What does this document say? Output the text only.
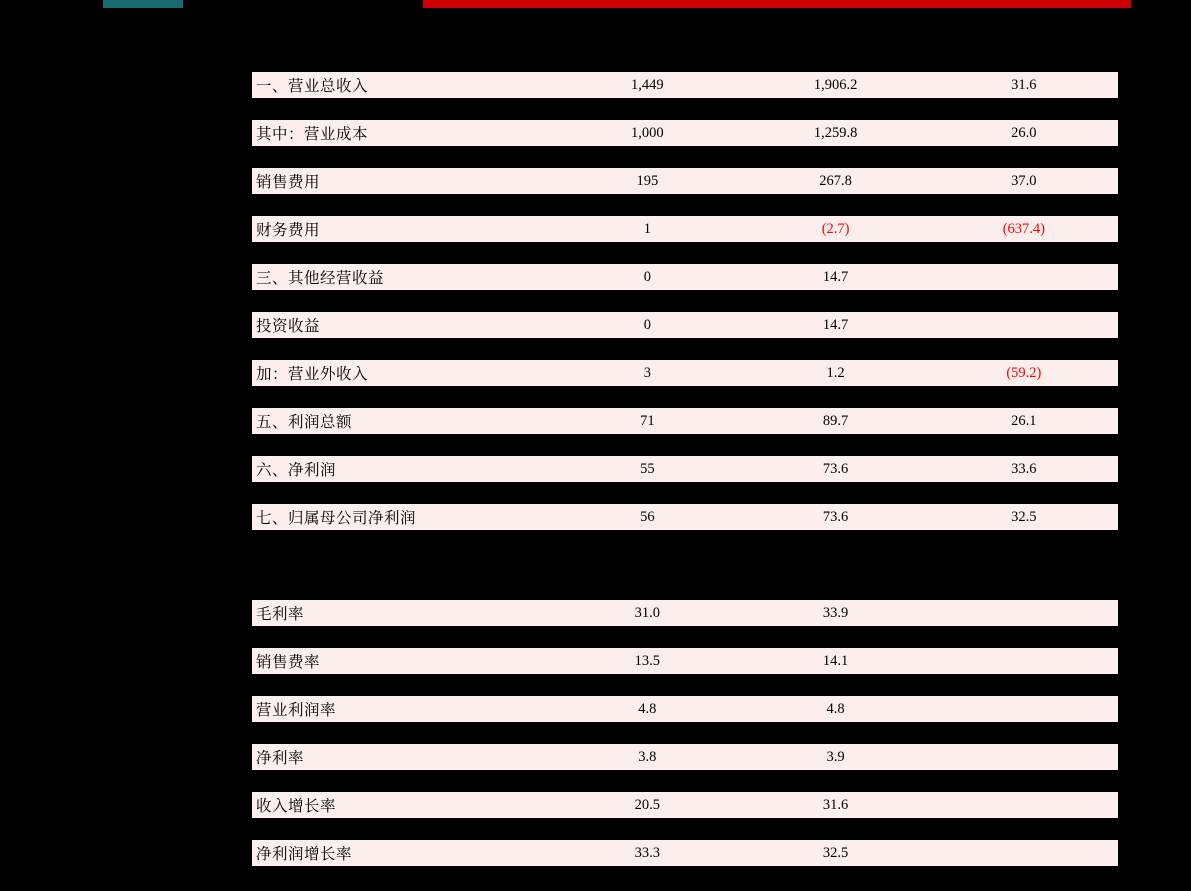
一、营业总收入	1,449	1,906.2	31.6
其中：营业成本	1,000	1,259.8	26.0
销售费用	195	267.8	37.0
财务费用	1	(2.7)	(637.4)
三、其他经营收益	0	14.7
投资收益	0	14.7
加：营业外收入	3	1.2	(59.2)
五、利润总额	71	89.7	26.1
六、净利润	55	73.6	33.6
七、归属母公司净利润	56	73.6	32.5
毛利率	31.0	33.9
销售费率	13.5	14.1
营业利润率	4.8	4.8
净利率	3.8	3.9
收入增长率	20.5	31.6
净利润增长率	33.3	32.5
